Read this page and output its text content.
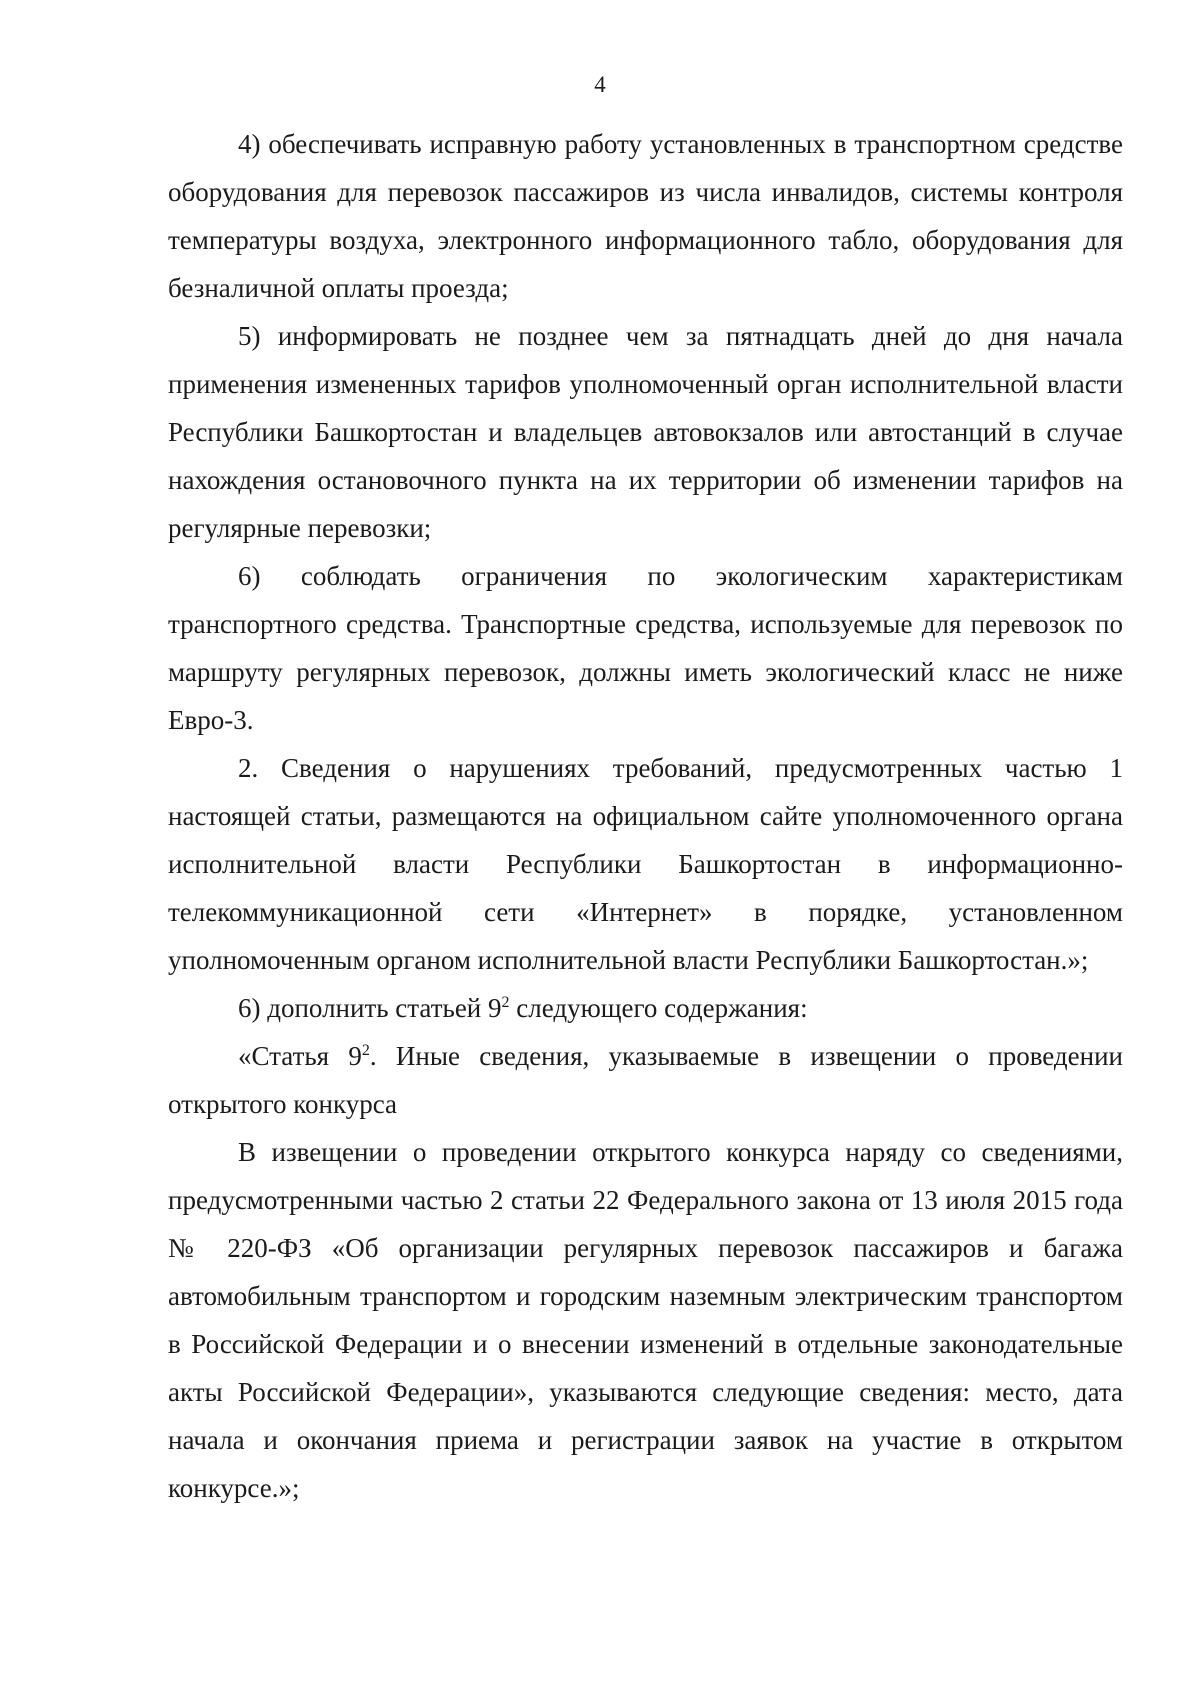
4

4) обеспечивать исправную работу установленных в транспортном средстве оборудования для перевозок пассажиров из числа инвалидов, системы контроля температуры воздуха, электронного информационного табло, оборудования для безналичной оплаты проезда;

5) информировать не позднее чем за пятнадцать дней до дня начала применения измененных тарифов уполномоченный орган исполнительной власти Республики Башкортостан и владельцев автовокзалов или автостанций в случае нахождения остановочного пункта на их территории об изменении тарифов на регулярные перевозки;

6) соблюдать ограничения по экологическим характеристикам транспортного средства. Транспортные средства, используемые для перевозок по маршруту регулярных перевозок, должны иметь экологический класс не ниже Евро-3.

2. Сведения о нарушениях требований, предусмотренных частью 1 настоящей статьи, размещаются на официальном сайте уполномоченного органа исполнительной власти Республики Башкортостан в информационно-телекоммуникационной сети «Интернет» в порядке, установленном уполномоченным органом исполнительной власти Республики Башкортостан.»;

6) дополнить статьей $9^2$ следующего содержания:

«Статья $9^2$. Иные сведения, указываемые в извещении о проведении открытого конкурса

В извещении о проведении открытого конкурса наряду со сведениями, предусмотренными частью 2 статьи 22 Федерального закона от 13 июля 2015 года № 220-ФЗ «Об организации регулярных перевозок пассажиров и багажа автомобильным транспортом и городским наземным электрическим транспортом в Российской Федерации и о внесении изменений в отдельные законодательные акты Российской Федерации», указываются следующие сведения: место, дата начала и окончания приема и регистрации заявок на участие в открытом конкурсе.»;
